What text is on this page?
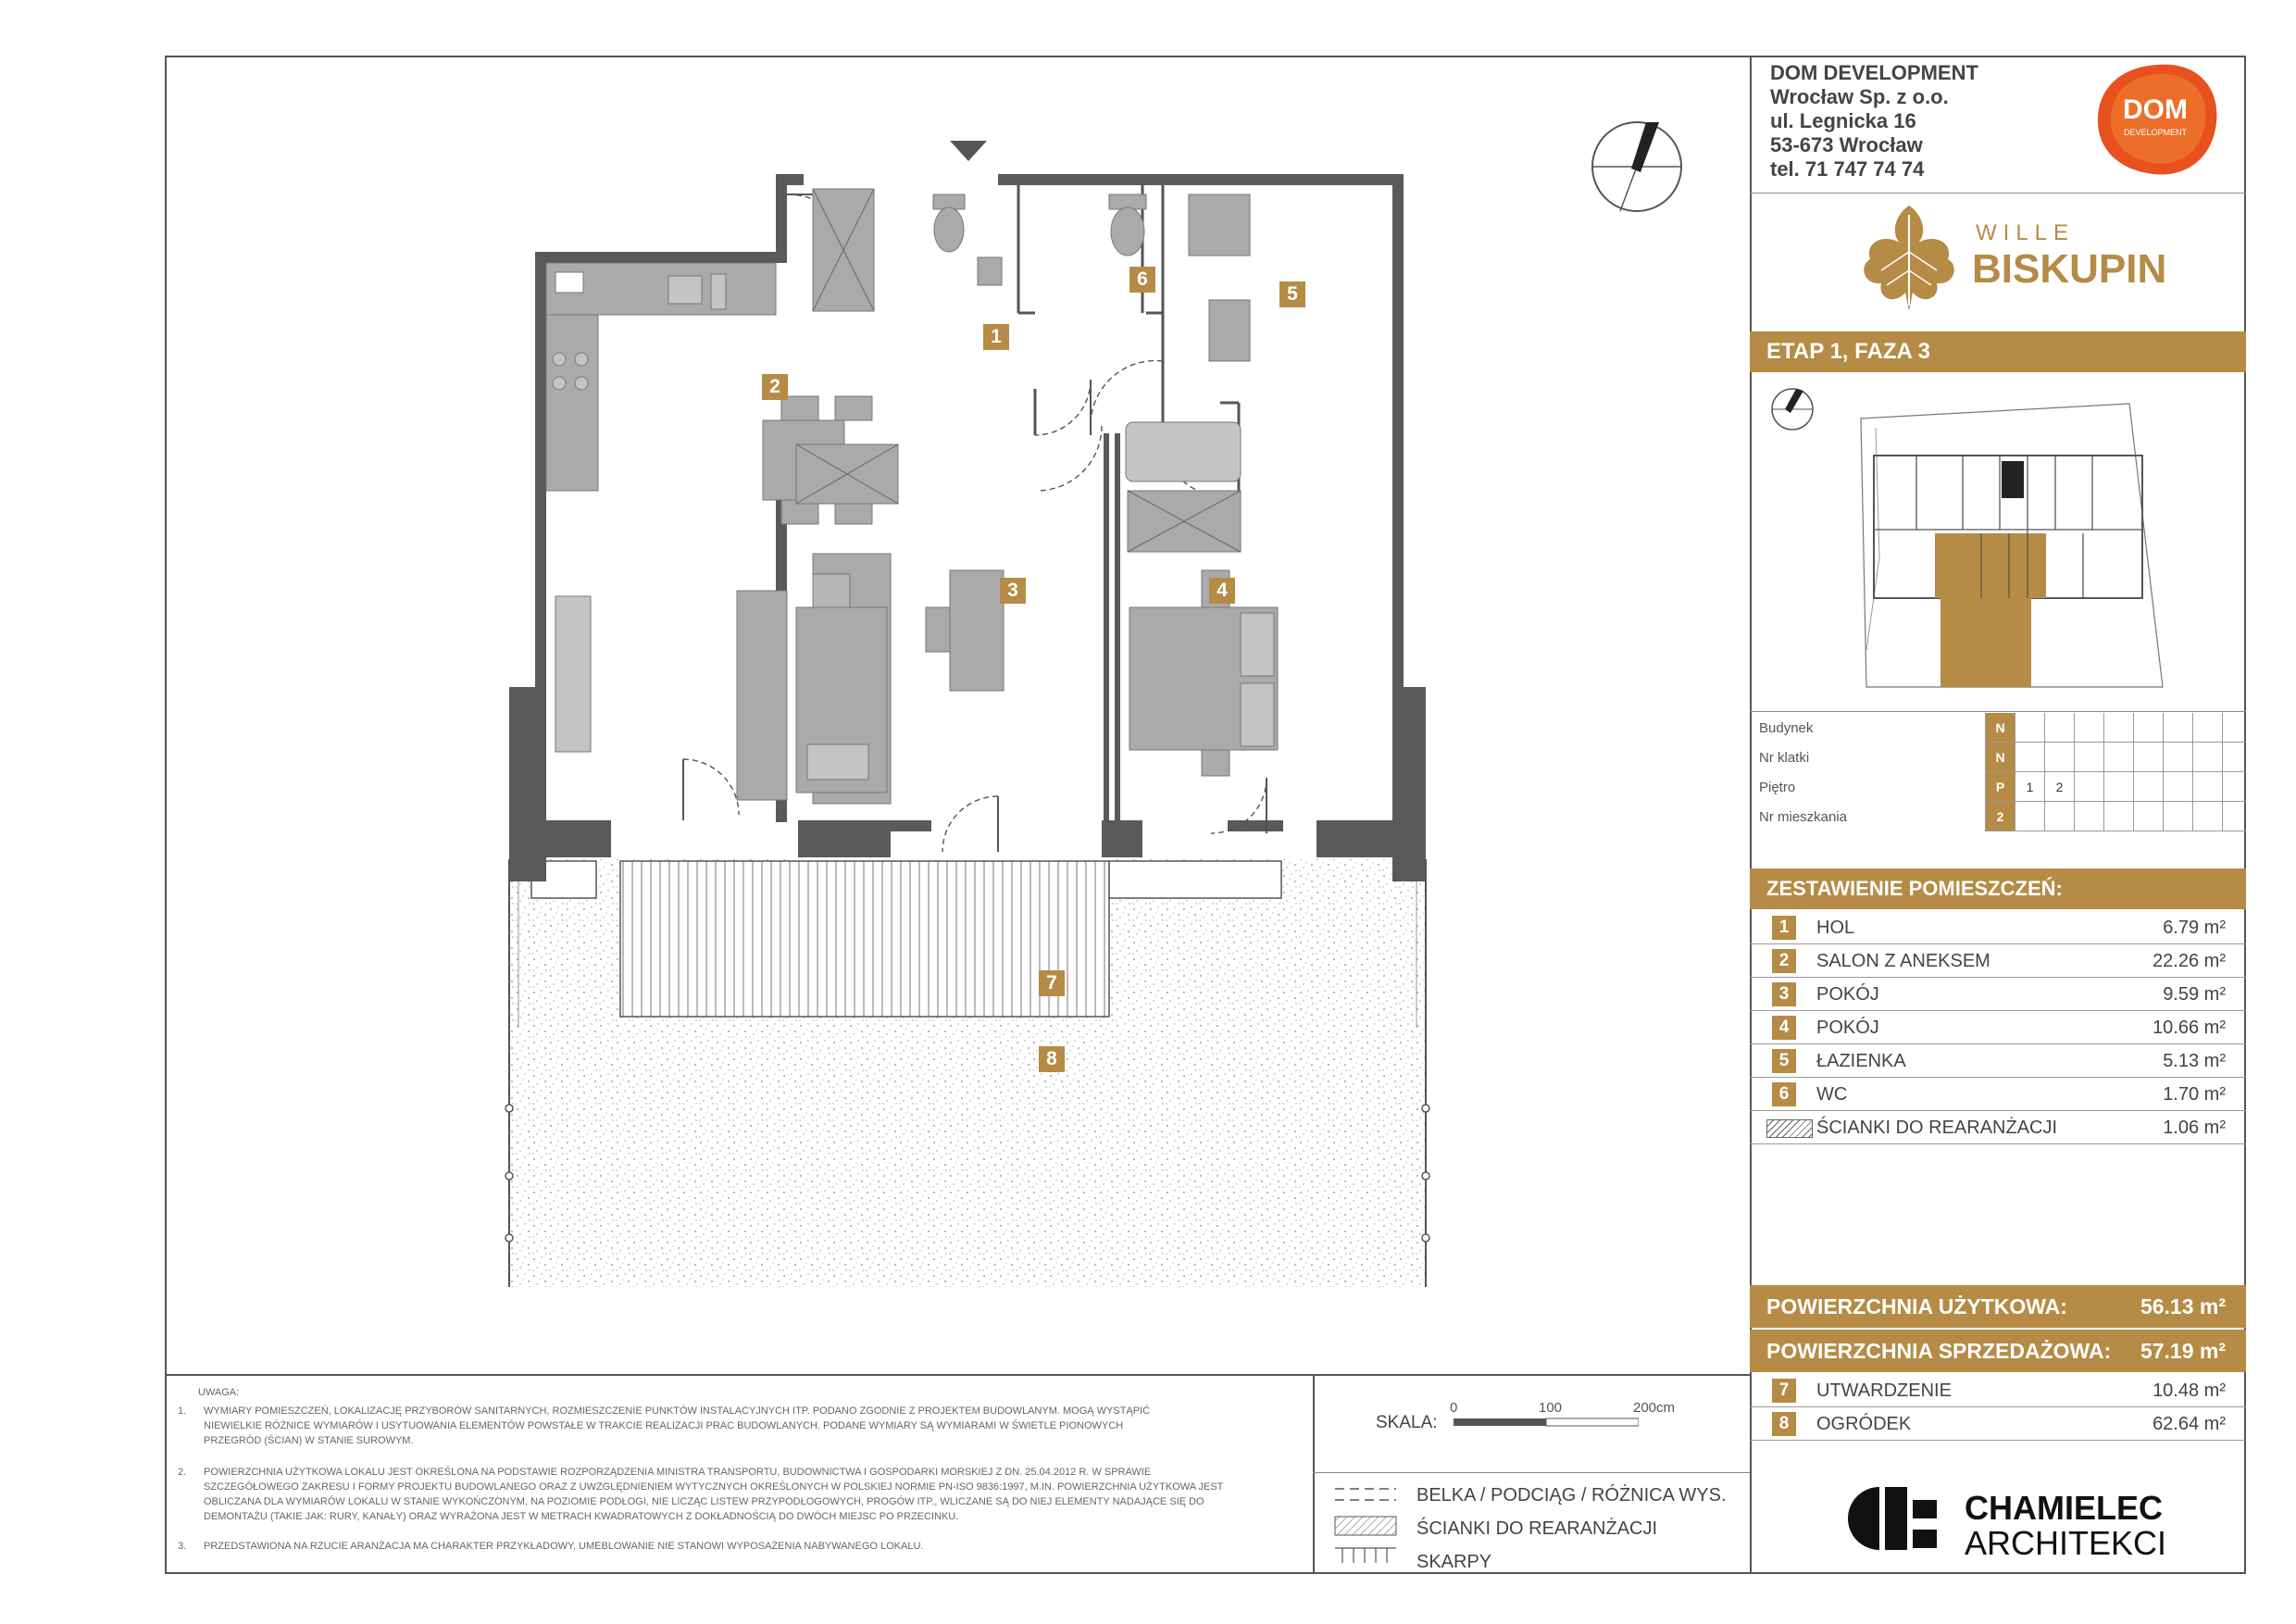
1
2
3	4
5
6
7
8
DOM DEVELOPMENT
Wrocław Sp. z o.o.
ul. Legnicka 16
53-673 Wrocław
tel. 71 747 74 74
DOM
DEVELOPMENT
WILLE
BISKUPIN
ETAP 1, FAZA 3
Budynek	N
Nr klatki	N
Piętro	P	1	2
Nr mieszkania	2
ZESTAWIENIE POMIESZCZEŃ:
1	HOL	6.79 m²
2	SALON Z ANEKSEM	22.26 m²
3	POKÓJ	9.59 m²
4	POKÓJ	10.66 m²
5	ŁAZIENKA	5.13 m²
6	WC	1.70 m²
ŚCIANKI DO REARANŻACJI	1.06 m²
POWIERZCHNIA UŻYTKOWA:	56.13 m²
POWIERZCHNIA SPRZEDAŻOWA: 57.19 m²
7	UTWARDZENIE	10.48 m²
8	OGRÓDEK	62.64 m²
CHAMIELEC
ARCHITEKCI
UWAGA:
1. WYMIARY POMIESZCZEŃ, LOKALIZACJĘ PRZYBORÓW SANITARNYCH, ROZMIESZCZENIE PUNKTÓW INSTALACYJNYCH ITP. PODANO ZGODNIE Z PROJEKTEM BUDOWLANYM. MOGĄ WYSTĄPIĆ
NIEWIELKIE RÓŻNICE WYMIARÓW I USYTUOWANIA ELEMENTÓW POWSTAŁE W TRAKCIE REALIZACJI PRAC BUDOWLANYCH. PODANE WYMIARY SĄ WYMIARAMI W ŚWIETLE PIONOWYCH
PRZEGRÓD (ŚCIAN) W STANIE SUROWYM.
2. POWIERZCHNIA UŻYTKOWA LOKALU JEST OKREŚLONA NA PODSTAWIE ROZPORZĄDZENIA MINISTRA TRANSPORTU, BUDOWNICTWA I GOSPODARKI MORSKIEJ Z DN. 25.04.2012 R. W SPRAWIE
SZCZEGÓŁOWEGO ZAKRESU I FORMY PROJEKTU BUDOWLANEGO ORAZ Z UWZGLĘDNIENIEM WYTYCZNYCH OKREŚLONYCH W POLSKIEJ NORMIE PN-ISO 9836:1997, M.IN. POWIERZCHNIA UŻYTKOWA JEST
OBLICZANA DLA WYMIARÓW LOKALU W STANIE WYKOŃCZONYM, NA POZIOMIE PODŁOGI, NIE LICZĄC LISTEW PRZYPODŁOGOWYCH, PROGÓW ITP., WLICZANE SĄ DO NIEJ ELEMENTY NADAJĄCE SIĘ DO
DEMONTAŻU (TAKIE JAK: RURY, KANAŁY) ORAZ WYRAŻONA JEST W METRACH KWADRATOWYCH Z DOKŁADNOŚCIĄ DO DWÓCH MIEJSC PO PRZECINKU.
3. PRZEDSTAWIONA NA RZUCIE ARANŻACJA MA CHARAKTER PRZYKŁADOWY, UMEBLOWANIE NIE STANOWI WYPOSAŻENIA NABYWANEGO LOKALU.
SKALA:
0	100	200cm
BELKA / PODCIĄG / RÓŻNICA WYS.
ŚCIANKI DO REARANŻACJI
SKARPY
